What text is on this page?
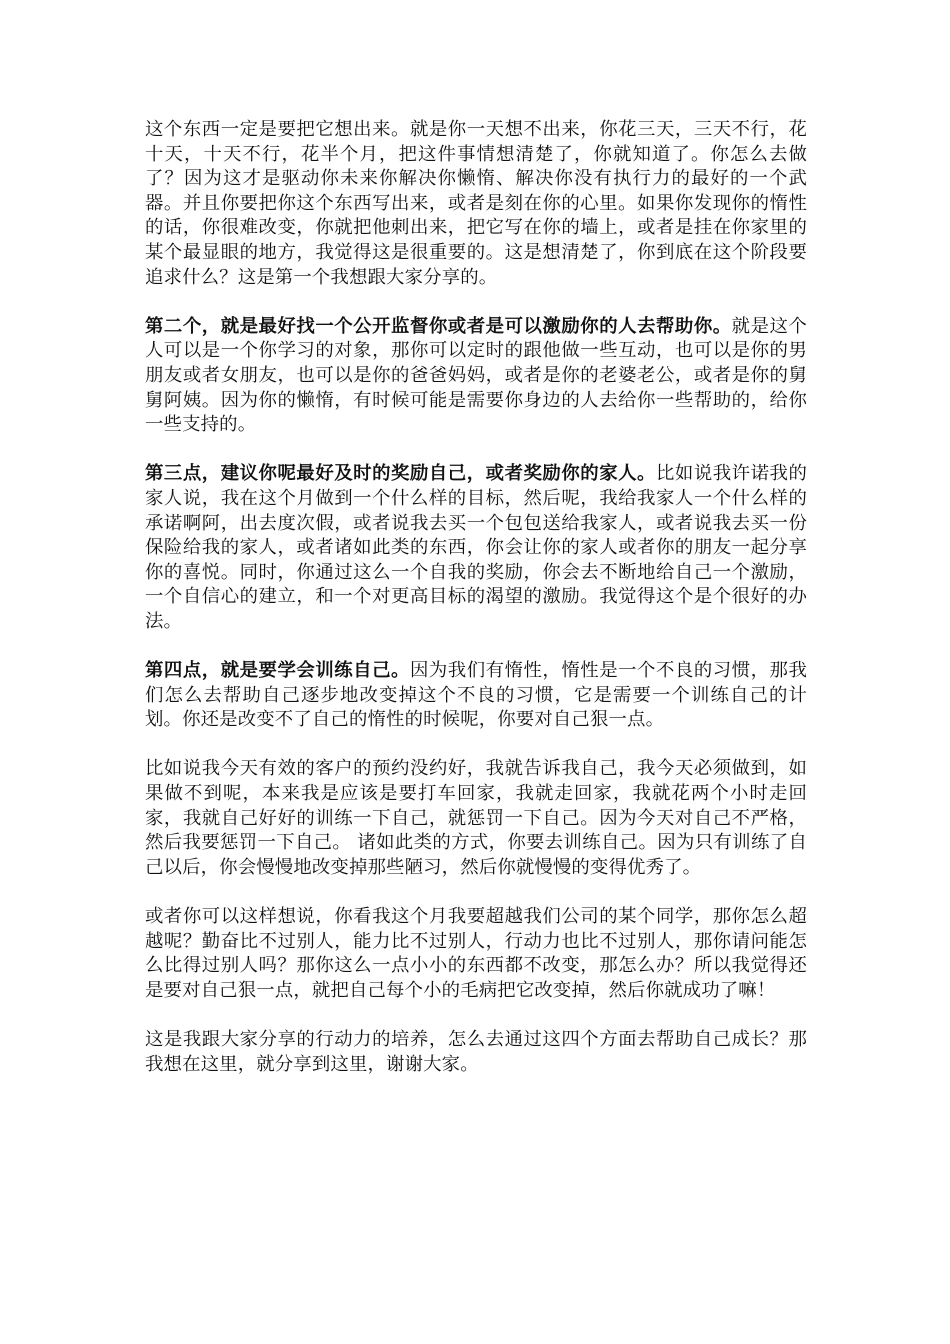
这个东西一定是要把它想出来。就是你一天想不出来，你花三天，三天不行，花十天，十天不行，花半个月，把这件事情想清楚了，你就知道了。你怎么去做了？因为这才是驱动你未来你解决你懒惰、解决你没有执行力的最好的一个武器。并且你要把你这个东西写出来，或者是刻在你的心里。如果你发现你的惰性的话，你很难改变，你就把他刺出来，把它写在你的墙上，或者是挂在你家里的某个最显眼的地方，我觉得这是很重要的。这是想清楚了，你到底在这个阶段要追求什么？这是第一个我想跟大家分享的。

第二个，就是最好找一个公开监督你或者是可以激励你的人去帮助你。就是这个人可以是一个你学习的对象，那你可以定时的跟他做一些互动，也可以是你的男朋友或者女朋友，也可以是你的爸爸妈妈，或者是你的老婆老公，或者是你的舅舅阿姨。因为你的懒惰，有时候可能是需要你身边的人去给你一些帮助的，给你一些支持的。

第三点，建议你呢最好及时的奖励自己，或者奖励你的家人。比如说我许诺我的家人说，我在这个月做到一个什么样的目标，然后呢，我给我家人一个什么样的承诺啊阿，出去度次假，或者说我去买一个包包送给我家人，或者说我去买一份保险给我的家人，或者诸如此类的东西，你会让你的家人或者你的朋友一起分享你的喜悦。同时，你通过这么一个自我的奖励，你会去不断地给自己一个激励，一个自信心的建立，和一个对更高目标的渴望的激励。我觉得这个是个很好的办法。

第四点，就是要学会训练自己。因为我们有惰性，惰性是一个不良的习惯，那我们怎么去帮助自己逐步地改变掉这个不良的习惯，它是需要一个训练自己的计划。你还是改变不了自己的惰性的时候呢，你要对自己狠一点。

比如说我今天有效的客户的预约没约好，我就告诉我自己，我今天必须做到，如果做不到呢，本来我是应该是要打车回家，我就走回家，我就花两个小时走回家，我就自己好好的训练一下自己，就惩罚一下自己。因为今天对自己不严格，然后我要惩罚一下自己。 诸如此类的方式，你要去训练自己。因为只有训练了自己以后，你会慢慢地改变掉那些陋习，然后你就慢慢的变得优秀了。

或者你可以这样想说，你看我这个月我要超越我们公司的某个同学，那你怎么超越呢？勤奋比不过别人，能力比不过别人，行动力也比不过别人，那你请问能怎么比得过别人吗？那你这么一点小小的东西都不改变，那怎么办？所以我觉得还是要对自己狠一点，就把自己每个小的毛病把它改变掉，然后你就成功了嘛！

这是我跟大家分享的行动力的培养，怎么去通过这四个方面去帮助自己成长？那我想在这里，就分享到这里，谢谢大家。
